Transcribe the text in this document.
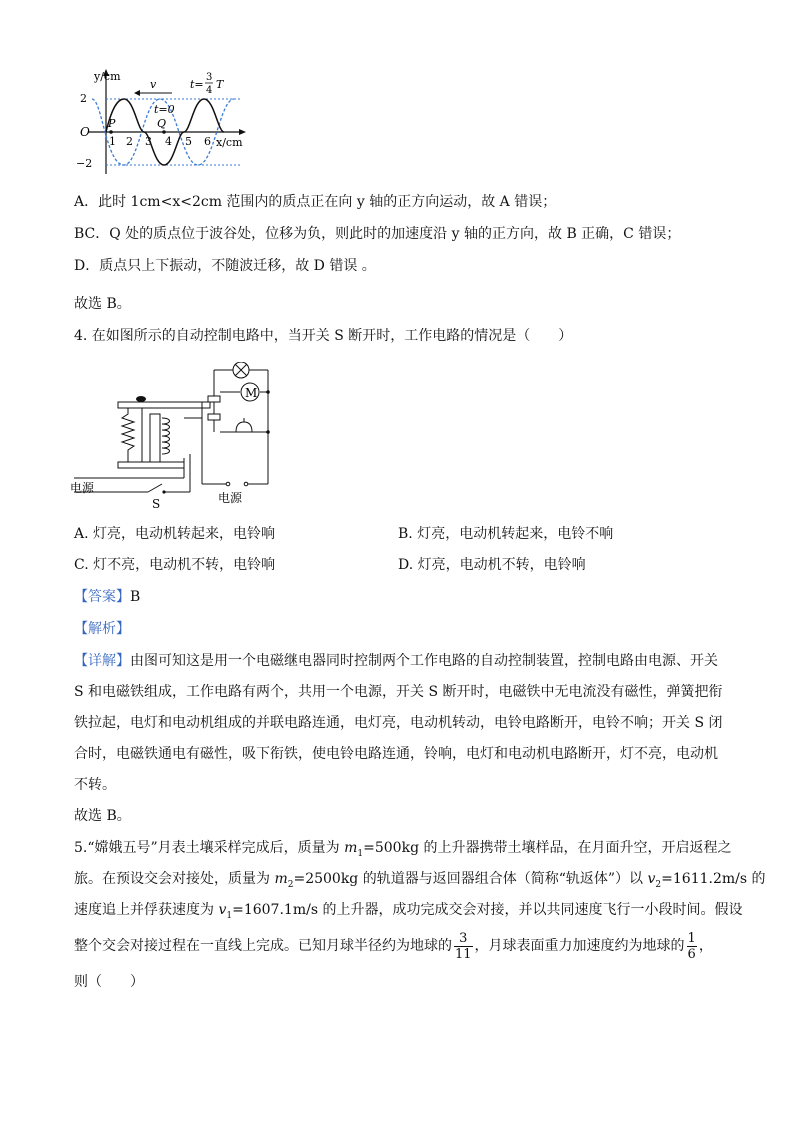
y/cm
x/cm
2
−2
O
1 2 3 4 5 6
v
t=0
t=
3
4 T
P	Q
A．此时 1cm<x<2cm 范围内的质点正在向 y 轴的正方向运动，故 A 错误；
BC．Q 处的质点位于波谷处，位移为负，则此时的加速度沿 y 轴的正方向，故 B 正确，C 错误；
D．质点只上下振动，不随波迁移，故 D 错误 。
故选 B。
4. 在如图所示的自动控制电路中，当开关 S 断开时，工作电路的情况是（　　）
电源
S
M
电源
A. 灯亮，电动机转起来，电铃响	B. 灯亮，电动机转起来，电铃不响
C. 灯不亮，电动机不转，电铃响	D. 灯亮，电动机不转，电铃响
【答案】B
【解析】
【详解】由图可知这是用一个电磁继电器同时控制两个工作电路的自动控制装置，控制电路由电源、开关
S 和电磁铁组成，工作电路有两个，共用一个电源，开关 S 断开时，电磁铁中无电流没有磁性，弹簧把衔
铁拉起，电灯和电动机组成的并联电路连通，电灯亮，电动机转动，电铃电路断开，电铃不响；开关 S 闭
合时，电磁铁通电有磁性，吸下衔铁，使电铃电路连通，铃响，电灯和电动机电路断开，灯不亮，电动机
不转。
故选 B。
5.“嫦娥五号”月表土壤采样完成后，质量为 $m_1=500kg$ 的上升器携带土壤样品，在月面升空，开启返程之
旅。在预设交会对接处，质量为 $m_2=2500kg$ 的轨道器与返回器组合体（简称“轨返体”）以 $v_2=1611.2m/s$ 的
速度追上并俘获速度为 $v_1=1607.1m/s$ 的上升器，成功完成交会对接，并以共同速度飞行一小段时间。假设
整个交会对接过程在一直线上完成。已知月球半径约为地球的 $\frac{3}{11}$ ，月球表面重力加速度约为地球的 $\frac{1}{6}$ ，
则（　　）
